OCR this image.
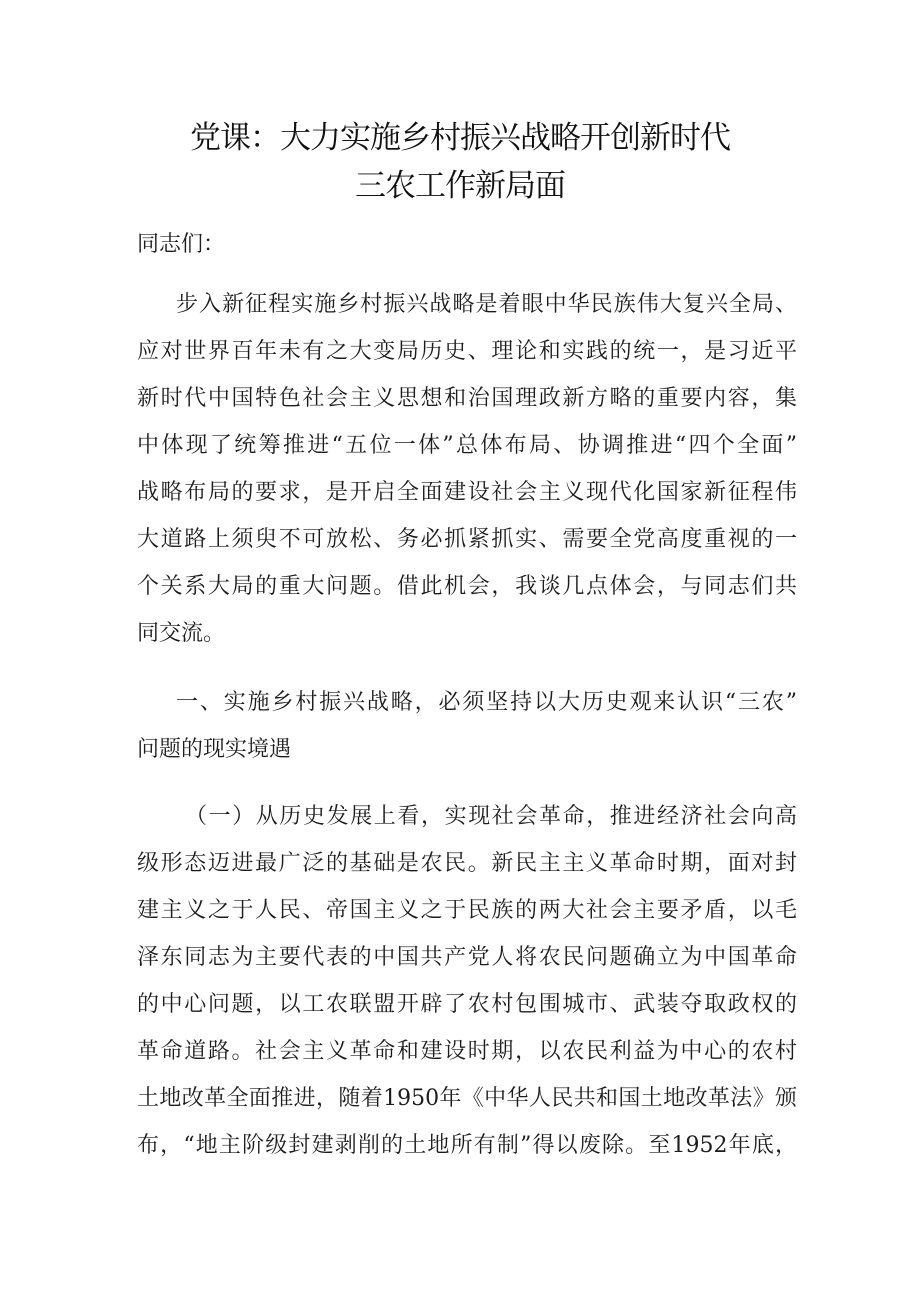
党课：大力实施乡村振兴战略开创新时代
三农工作新局面
同志们：
步入新征程实施乡村振兴战略是着眼中华民族伟大复兴全局、
应对世界百年未有之大变局历史、理论和实践的统一，是习近平
新时代中国特色社会主义思想和治国理政新方略的重要内容，集
中体现了统筹推进“五位一体”总体布局、协调推进“四个全面”
战略布局的要求，是开启全面建设社会主义现代化国家新征程伟
大道路上须臾不可放松、务必抓紧抓实、需要全党高度重视的一
个关系大局的重大问题。借此机会，我谈几点体会，与同志们共
同交流。
一、实施乡村振兴战略，必须坚持以大历史观来认识“三农”
问题的现实境遇
（一）从历史发展上看，实现社会革命，推进经济社会向高
级形态迈进最广泛的基础是农民。新民主主义革命时期，面对封
建主义之于人民、帝国主义之于民族的两大社会主要矛盾，以毛
泽东同志为主要代表的中国共产党人将农民问题确立为中国革命
的中心问题，以工农联盟开辟了农村包围城市、武装夺取政权的
革命道路。社会主义革命和建设时期，以农民利益为中心的农村
土地改革全面推进，随着1950年《中华人民共和国土地改革法》颁
布，“地主阶级封建剥削的土地所有制”得以废除。至1952年底，
